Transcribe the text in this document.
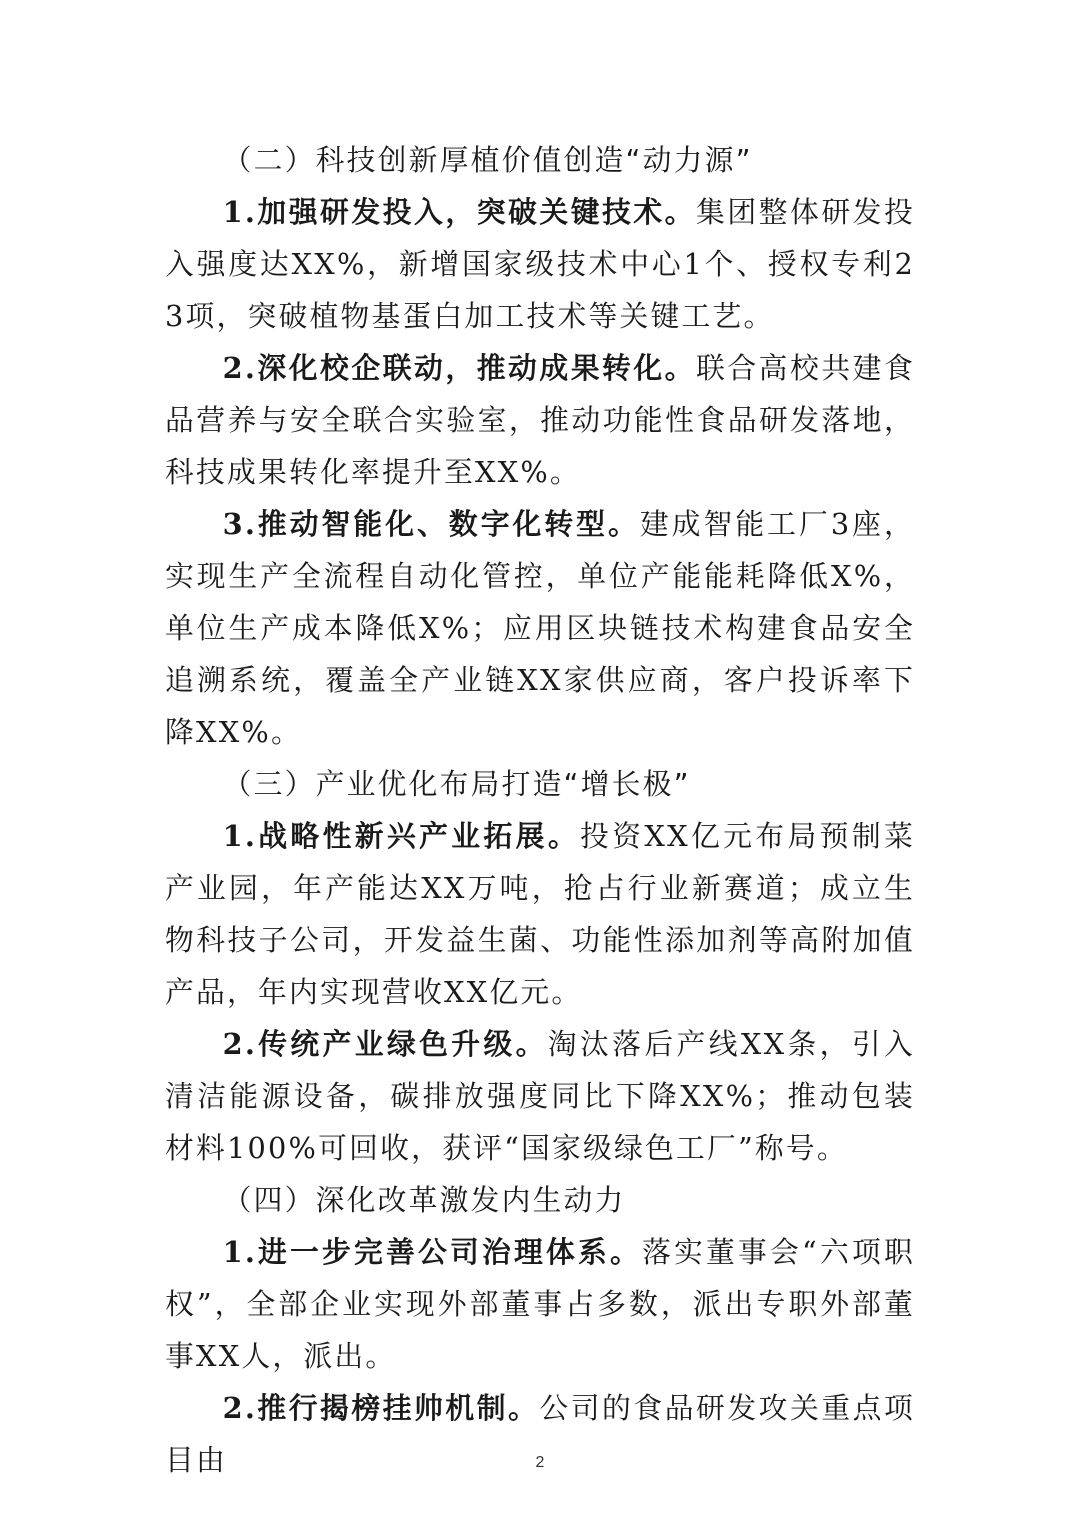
（二）科技创新厚植价值创造“动力源”

1.加强研发投入，突破关键技术。集团整体研发投入强度达XX%，新增国家级技术中心1个、授权专利23项，突破植物基蛋白加工技术等关键工艺。

2.深化校企联动，推动成果转化。联合高校共建食品营养与安全联合实验室，推动功能性食品研发落地，科技成果转化率提升至XX%。

3.推动智能化、数字化转型。建成智能工厂3座，实现生产全流程自动化管控，单位产能能耗降低X%，单位生产成本降低X%；应用区块链技术构建食品安全追溯系统，覆盖全产业链XX家供应商，客户投诉率下降XX%。

（三）产业优化布局打造“增长极”

1.战略性新兴产业拓展。投资XX亿元布局预制菜产业园，年产能达XX万吨，抢占行业新赛道；成立生物科技子公司，开发益生菌、功能性添加剂等高附加值产品，年内实现营收XX亿元。

2.传统产业绿色升级。淘汰落后产线XX条，引入清洁能源设备，碳排放强度同比下降XX%；推动包装材料100%可回收，获评“国家级绿色工厂”称号。

（四）深化改革激发内生动力

1.进一步完善公司治理体系。落实董事会“六项职权”，全部企业实现外部董事占多数，派出专职外部董事XX人，派出。

2.推行揭榜挂帅机制。公司的食品研发攻关重点项目由	2
